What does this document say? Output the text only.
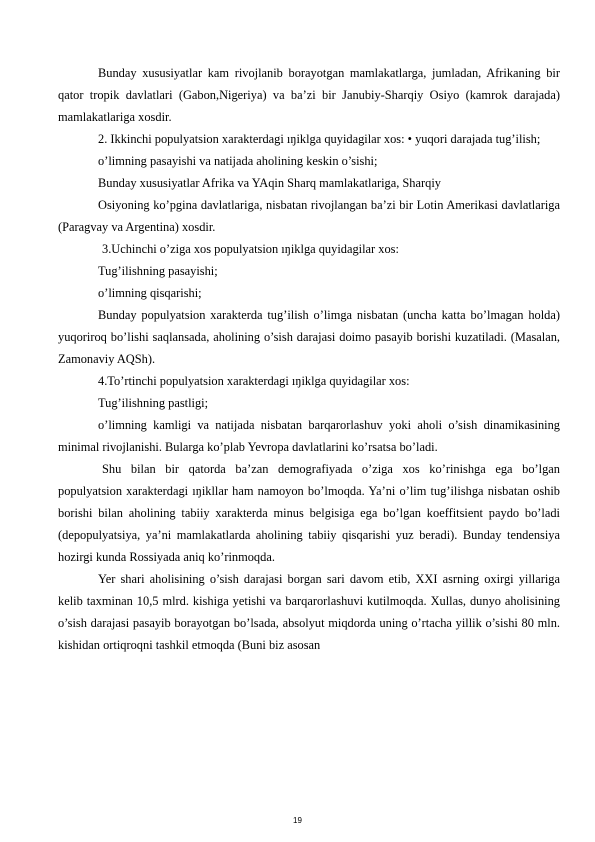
Bunday xususiyatlar kam rivojlanib borayotgan mamlakatlarga, jumladan, Afrikaning bir qator tropik davlatlari (Gabon,Nigeriya) va ba’zi bir Janubiy-Sharqiy Osiyo (kamrok darajada) mamlakatlariga xosdir.

2. Ikkinchi populyatsion xarakterdagi ıŋiklga quyidagilar xos: • yuqori darajada tug’ilish;

o’limning pasayishi va natijada aholining keskin o’sishi;

Bunday xususiyatlar Afrika va YAqin Sharq mamlakatlariga, Sharqiy

Osiyoning ko’pgina davlatlariga, nisbatan rivojlangan ba’zi bir Lotin Amerikasi davlatlariga (Paragvay va Argentina) xosdir.

3.Uchinchi o’ziga xos populyatsion ıŋiklga quyidagilar xos:

Tug’ilishning pasayishi;

o’limning qisqarishi;

Bunday populyatsion xarakterda tug’ilish o’limga nisbatan (uncha katta bo’lmagan holda) yuqoriroq bo’lishi saqlansada, aholining o’sish darajasi doimo pasayib borishi kuzatiladi. (Masalan, Zamonaviy AQSh).

4.To’rtinchi populyatsion xarakterdagi ıŋiklga quyidagilar xos:

Tug’ilishning pastligi;

o’limning kamligi va natijada nisbatan barqarorlashuv yoki aholi o’sish dinamikasining minimal rivojlanishi. Bularga ko’plab Yevropa davlatlarini ko’rsatsa bo’ladi.

Shu bilan bir qatorda ba’zan demografiyada o’ziga xos ko’rinishga ega bo’lgan populyatsion xarakterdagi ıŋikllar ham namoyon bo’lmoqda. Ya’ni o’lim tug’ilishga nisbatan oshib borishi bilan aholining tabiiy xarakterda minus belgisiga ega bo’lgan koeffitsient paydo bo’ladi (depopulyatsiya, ya’ni mamlakatlarda aholining tabiiy qisqarishi yuz beradi). Bunday tendensiya hozirgi kunda Rossiyada aniq ko’rinmoqda.

Yer shari aholisining o’sish darajasi borgan sari davom etib, XXI asrning oxirgi yillariga kelib taxminan 10,5 mlrd. kishiga yetishi va barqarorlashuvi kutilmoqda. Xullas, dunyo aholisining o’sish darajasi pasayib borayotgan bo’lsada, absolyut miqdorda uning o’rtacha yillik o’sishi 80 mln. kishidan ortiqroqni tashkil etmoqda (Buni biz asosan

19
